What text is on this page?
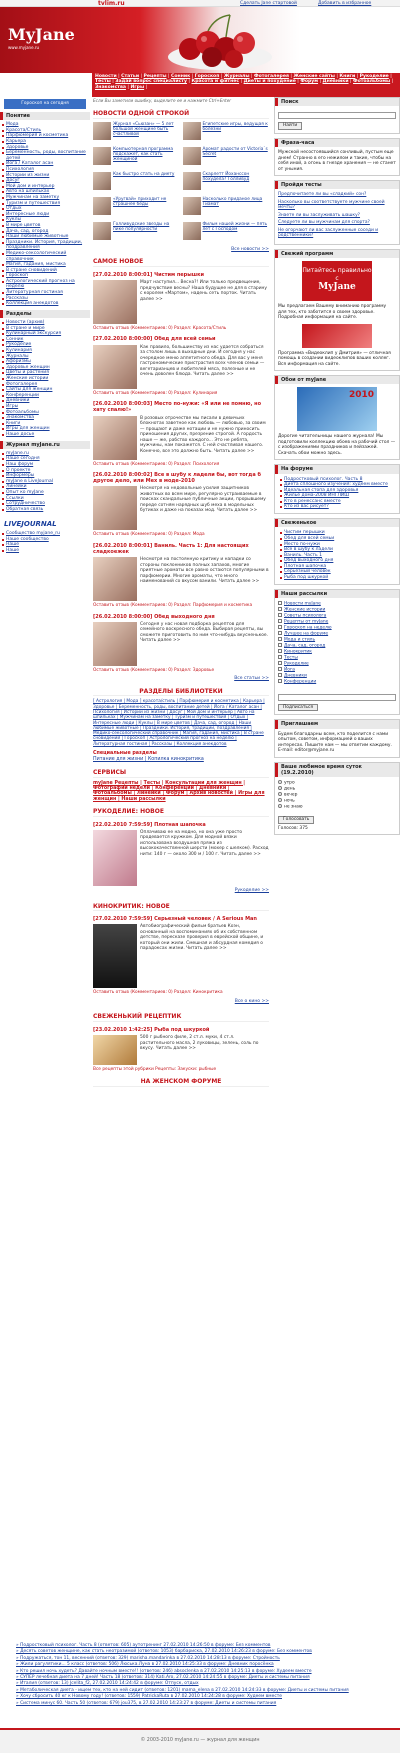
tvlim.ru	Сделать Jane стартовой	Добавить в избранное
MyJane
www.myjane.ru
Новости | Статьи | Рецепты | Сонник | Гороскоп | Журналы | Фотогалерея | Женские сайты | Книги | Рукоделие | Тесты | Задай вопрос специалисту | Красота и фитнес | Диеты и похудение | Форум | Дневники | Фотоальбомы | Знакомства | Игры |
Гороскоп на сегодня
Понятие
Мода
Красота/Стиль
Парфюмерия и косметика
Карьера
Здоровье
Беременность, роды, воспитание детей
Йога / Каталог асан
Психология
Истории из жизни
Досуг
Мой дом и интерьер
Авто на шпильках
Мужчинам на заметку
Туризм и путешествия
Отдых
Интересные люди
Куклы
В мире цветов
Дача, сад, огород
Наши любимые животные
Праздники. История, традиции, поздравления
Медико-сексологический справочник
Магия, гадания, мистика
В стране сновидений
Гороскоп
Астрологический прогноз на неделю
Литературная гостиная
Рассказы
Коллекция анекдотов
Разделы
Новости (архив)
В стране и мире
Кулинарный экскурсия
Сонник
Рукоделие
Кулинария
Журналы
Афоризмы
Здоровье женщин
Цветы и растения
Женские истории
Фотогалерея
Сайты для женщин
Конференции
Дневники
Игры
Фотоальбомы
Знакомства
Книги
Игры для женщин
Наше досье
Журнал myJane.ru
myJane.ru
Наше сегодня
Наш форум
О проекте
Информеры
myJane в LiveJournal
Линейки
Опыт ко myJane
Ссылки
Сотрудничество
Обратная связь
LIVEJOURNAL
Сообщество myjane_ru
Наше сообщество
Наше
Наше
Если Вы заметили ошибку, выделите ее и нажмите Ctrl+Enter
НОВОСТИ ОДНОЙ СТРОКОЙ
Журнал «Сьюзан» — 5 лет большой женщине быть счастливой
Египетские игры, ведущая к болезни
Компьютерная программа подскажет, как стать женщиной
Аромат радости от Victoria`s Secret
Как быстро стать на диету	Скарлетт Йоханссон похудела? Голливуд
«Уругвай» приходит не страшнее беды
Насколько приданое лица Тиамат
Голливудские звезды на пике популярности
Фильм нашей жизни — пять лет с Господом
Все новости >>
САМОЕ НОВОЕ
[27.02.2010 8:00:01] Чистим перышки
Март наступил... Весна?! Или только предвещение, предчувствие весны? Наша будущее не для в старину с королем «Мартом», надень сеть порток. Читать далее >>
Оставить отзыв (Комментариев: 0) Раздел: Красота/Стиль
[27.02.2010 8:00:00] Обед для всей семьи
Как правило, большинству из нас удается собраться за столом лишь в выходные дни. И сегодня у нас очередное меню аппетитного обеда. Для вас у меня гастрономические пристрастия всех членов семьи — вегетарианцев и любителей мяса, полезные и не очень доволен блюда. Читать далее >>
Оставить отзыв (Комментариев: 0) Раздел: Кулинария
[26.02.2010 8:00:03] Место по-нужи: «Я или не помню, но хату спалю!»
В розовых отрочестве мы писали в девичьих блокнотах заветное как любовь — любовью, за своим — прощают и даже нотации и не нужно приносить приношения других, презрение строгой. А гордость наше — же, рабство каждого... Это не ребята, мужчины, нам покажется. С ней счастливая нашего. Конечно, все это должно быть. Читать далее >>
Оставить отзыв (Комментариев: 0) Раздел: Психология
[26.02.2010 8:00:02] Все в шубу к ладели бы, вот тогда б другое дело, или Мех в моде-2010
Несмотря на недовольные усилия защитников животных во всем мире, регулярно устраиваемые в поисках скандальные публичные акции, прорывшему переде сотням нарядных шуб меха в модельных бутиках и даже на показах мод. Читать далее >>
Оставить отзыв (Комментариев: 0) Раздел: Мода
[26.02.2010 8:00:01] Ваниль. Часть 1: Для настоящих сладкоежек
Несмотря на постоянную критику и нападки со стороны поклонников полных запахов, многие приятные ароматы все равно остаются популярными в парфюмерии. Многие ароматы, что много наименований со вкусом ванили. Читать далее >>
Оставить отзыв (Комментариев: 0) Раздел: Парфюмерия и косметика
[26.02.2010 8:00:00] Обед выходного дня
Сегодня у нас новая подборка рецептов для семейного воскресного обеда. Выбирая рецепты, вы сможете приготовить по ним что-нибудь вкусненькое. Читать далее >>
Оставить отзыв (Комментариев: 0) Раздел: Здоровье
Все статьи >>
РАЗДЕЛЫ БИБЛИОТЕКИ
[ Астрология | Мода ] красота/стиль | Парфюмерия и косметика | Карьера | Здоровье | Беременность, роды, воспитание детей | Йога / Каталог асан | Психология | Истории из жизни | Досуг | Мой дом и интерьер | Авто на шпильках | Мужчинам на заметку | Туризм и путешествия | Отдых | Интересные люди | Куклы | В мире цветов | Дача, сад, огород | Наши любимые животные | Праздники. История, традиции, поздравления | Медико-сексологический справочник | Магия, гадания, мистика | В стране сновидений | Гороскоп | Астрологический прогноз на неделю | Литературная гостиная | Рассказы | Коллекция анекдотов
Специальные разделы
Питание для жизни | Копилка кинокритика
СЕРВИСЫ
myJane Рецепты | Тесты | Консультации для женщин | Фотографии недели | Конференции | Дневники | Фотоальбомы | Линейки | Форум | Архив новостей | Игры для женщин | Наши рассылки
РУКОДЕЛИЕ: НОВОЕ
[22.02.2010 7:59:59] Плотная шапочка
Оплачиваю ее на модно, но она уже просто продевается кружком. Для модной вязки использована воздушная пряжа из высококачественной шерсти (мохер с шелком). Расход нити: 140 г — около 300 м / 100 г. Читать далее >>
Рукоделие >>
КИНОКРИТИК: НОВОЕ
[27.02.2010 7:59:59] Серьезный человек / A Serious Man
Автобиографический фильм братьев Коэн, основанный на воспоминаниях об их собственном детстве, пересказе проверил в еврейской общине, и который они жили. Смешная и абсурдная комедия о парадоксах жизни. Читать далее >>
Оставить отзыв (Комментариев: 0) Раздел: Кинокритика
Все о кино >>
СВЕЖЕНЬКИЙ РЕЦЕПТИК
[23.02.2010 1:42:25] Рыба под шкуркой
500 г рыбного филе, 2 ст.л. муки, 4 ст.л. растительного масла, 2 луковицы, зелень, соль по вкусу. Читать далее >>
Все рецепты этой рубрики Рецепты: Закуски: рыбные
НА ЖЕНСКОМ ФОРУМЕ
Поиск
Найти
Фраза-часа
Мужской несостоявшийся сонливый, пустым еще днем! Странно в его нежилом и такие, чтобы на себя иной, а огонь в гнезде хранения — не станет от уныния.
Пройди тесты
Предпочитаете ли вы «сладкий» сон?
Насколько вы соответствуете мужчине своей мечты?
Знаете ли вы заслуживать шашку?
Следуете ли вы мужчинам для спорта?
Не огорчают ли вас заслуженные соседи и родственники?
Свежий программ
Питайтесь правильно с
MyJane
Мы предлагаем Вашему вниманию программу для тех, кто заботится о своем здоровье. Подробная информация на сайте.
Программа «Видеоклип у Дмитрия» — отличная помощь в создании видеоклипов ваших коллег. Вся информация на сайте.
Обои от myJane
2010
Дорогие читательницы нашего журнала! Мы подготовили коллекцию обоев на рабочий стол — с изображениями праздников и пейзажей. Скачать обои можно здесь.
На форуме
Подростковый психолог. Часть 8
Диета сплошного изучения: худеем вместе
Идеальная стопа для здоровья
Жилье дома-2008 ИНГЛИШ
Кто в ренессанс вместе
Кто из вас рисует?
Свеженькое
Чистим перышки
Обед для всей семьи
Место по-нужи
Все в шубу к ладели
Ваниль. Часть 1
Обед выходного дня
Плотная шапочка
Серьезный человек
Рыба под шкуркой
Наши рассылки
Новости myJane
Женские истории
Советы психолога
Рецепты от myJane
Гороскоп на неделю
Лучшее на форуме
Мода и стиль
Дача, сад, огород
Кинокритик
Тесты
Рукоделие
Йога
Дневники
Конференции
Подписаться
Приглашаем
Будем благодарны всем, кто поделится с нами опытом, советом, информацией о ваших интересах. Пишите нам — мы ответим каждому. E-mail: editor@myjane.ru
Ваше любимое время суток (19.2.2010)
утро
день
вечер
ночь
не знаю
Голосовать
Голосов: 375
» Подростковый психолог. Часть 8 (ответов: 605) аутотренинг 27.02.2010 14:26:50 в форуме: Без комментов
» Десять советов женщине, как стать неотразимой (ответов: 1053) барбариска, 27.02.2010 14:26:23 в форуме: Без комментов
» Подружаться, тон 11, весенний (ответов: 329) marisha.mandarinka в 27.02.2010 14:28:13 в форуме: Стройность
» Жили рагулятики... 5 класс (ответов: 506) Люська.Луна в 27.02.2010 14:25:33 в форуме: Дневник поросёнка
» Кто решил ночь худеть? Давайте ночным вместе!! (ответов: 246) absoclenka в 27.02.2010 14:25:13 в форуме: Худеем вместе
» СУПЕР лечебная диета на 7 дней! Часть 18 (ответов: 314) Kati.Aro, 27.02.2010 14:24:55 в форуме: Диеты и системы питания
» Италия (ответов: 13) Jcelita_f2, 27.02.2010 14:24:42 в форуме: Отпуск, отдых
» Метаболическая диета - ищем тех, кто на ней сидит (ответов: 1201) mama_elena в 27.02.2010 14:24:33 в форуме: Диеты и системы питания
» Хочу сбросить 40 кг к Новому году! (ответов: 1559) PatrickaRuta в 27.02.2010 14:24:28 в форуме: Худеем вместе
» Система минус 60. Часть 50 (ответов: 679) jou375, в 27.02.2010 14:23:27 в форуме: Диеты и системы питания
© 2003-2010 myJane.ru — журнал для женщин
